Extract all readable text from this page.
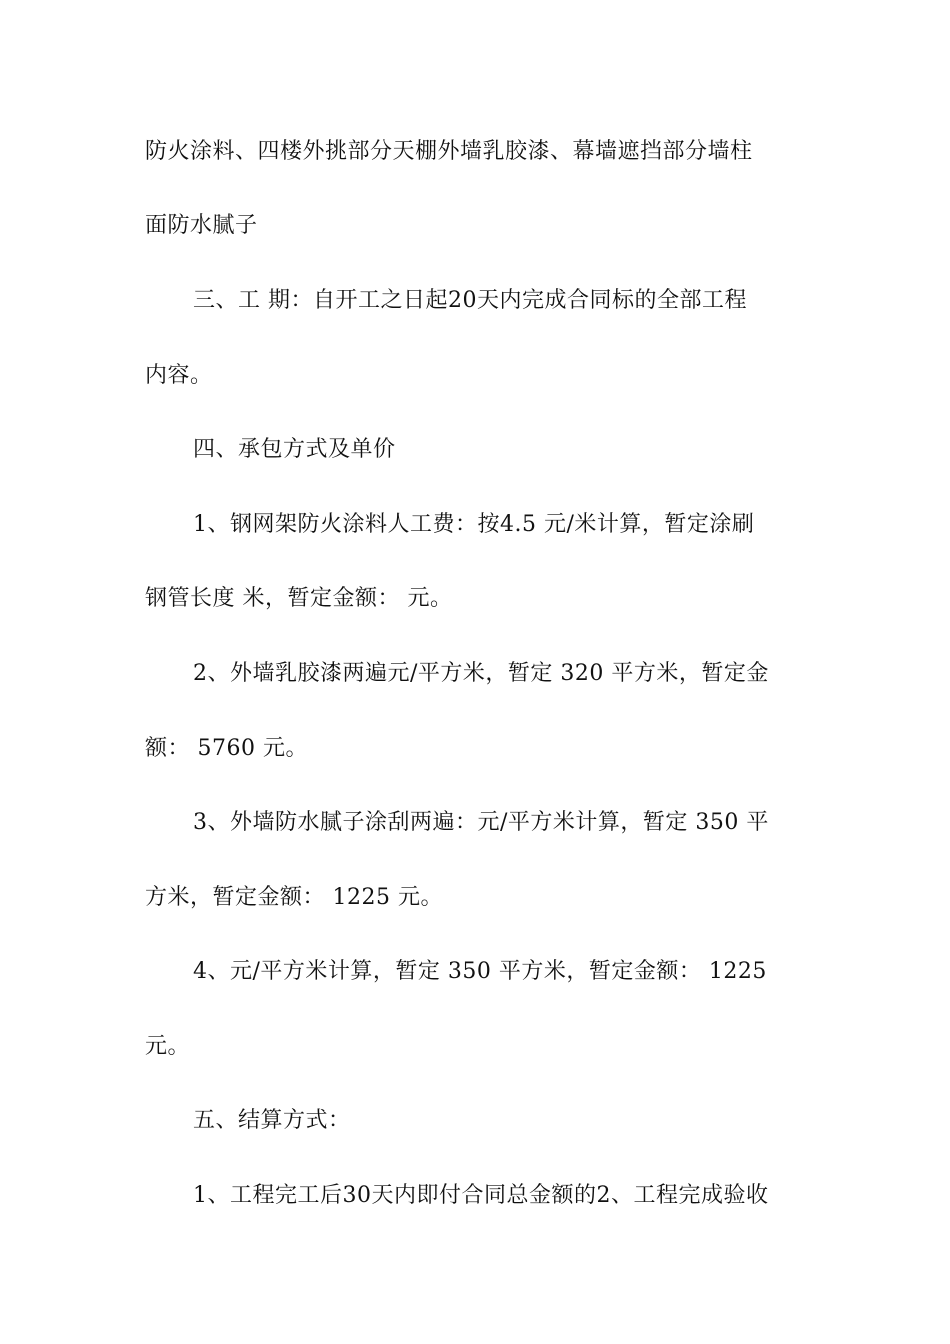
防火涂料、四楼外挑部分天棚外墙乳胶漆、幕墙遮挡部分墙柱
面防水腻子
三、工 期：自开工之日起20天内完成合同标的全部工程
内容。
四、承包方式及单价
1、钢网架防火涂料人工费：按4.5 元/米计算，暂定涂刷
钢管长度 米，暂定金额： 元。
2、外墙乳胶漆两遍元/平方米，暂定 320 平方米，暂定金
额： 5760 元。
3、外墙防水腻子涂刮两遍：元/平方米计算，暂定 350 平
方米，暂定金额： 1225 元。
4、元/平方米计算，暂定 350 平方米，暂定金额： 1225
元。
五、结算方式：
1、工程完工后30天内即付合同总金额的2、工程完成验收
